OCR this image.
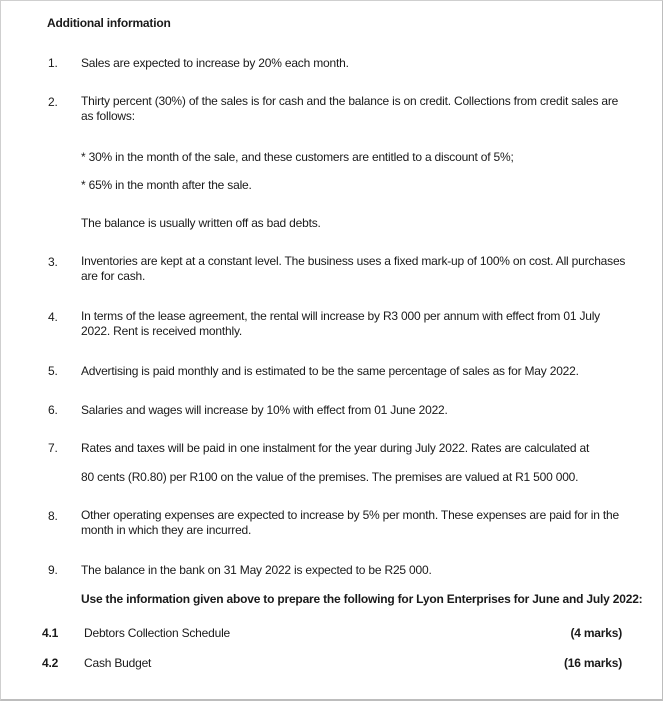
Additional information
1.	Sales are expected to increase by 20% each month.
2.	Thirty percent (30%) of the sales is for cash and the balance is on credit. Collections from credit sales are as follows:
* 30% in the month of the sale, and these customers are entitled to a discount of 5%;
* 65% in the month after the sale.
The balance is usually written off as bad debts.
3.	Inventories are kept at a constant level. The business uses a fixed mark-up of 100% on cost. All purchases are for cash.
4.	In terms of the lease agreement, the rental will increase by R3 000 per annum with effect from 01 July 2022. Rent is received monthly.
5.	Advertising is paid monthly and is estimated to be the same percentage of sales as for May 2022.
6.	Salaries and wages will increase by 10% with effect from 01 June 2022.
7.	Rates and taxes will be paid in one instalment for the year during July 2022. Rates are calculated at
80 cents (R0.80) per R100 on the value of the premises. The premises are valued at R1 500 000.
8.	Other operating expenses are expected to increase by 5% per month. These expenses are paid for in the month in which they are incurred.
9.	The balance in the bank on 31 May 2022 is expected to be R25 000.
Use the information given above to prepare the following for Lyon Enterprises for June and July 2022:
4.1 Debtors Collection Schedule	(4 marks)
4.2 Cash Budget	(16 marks)
